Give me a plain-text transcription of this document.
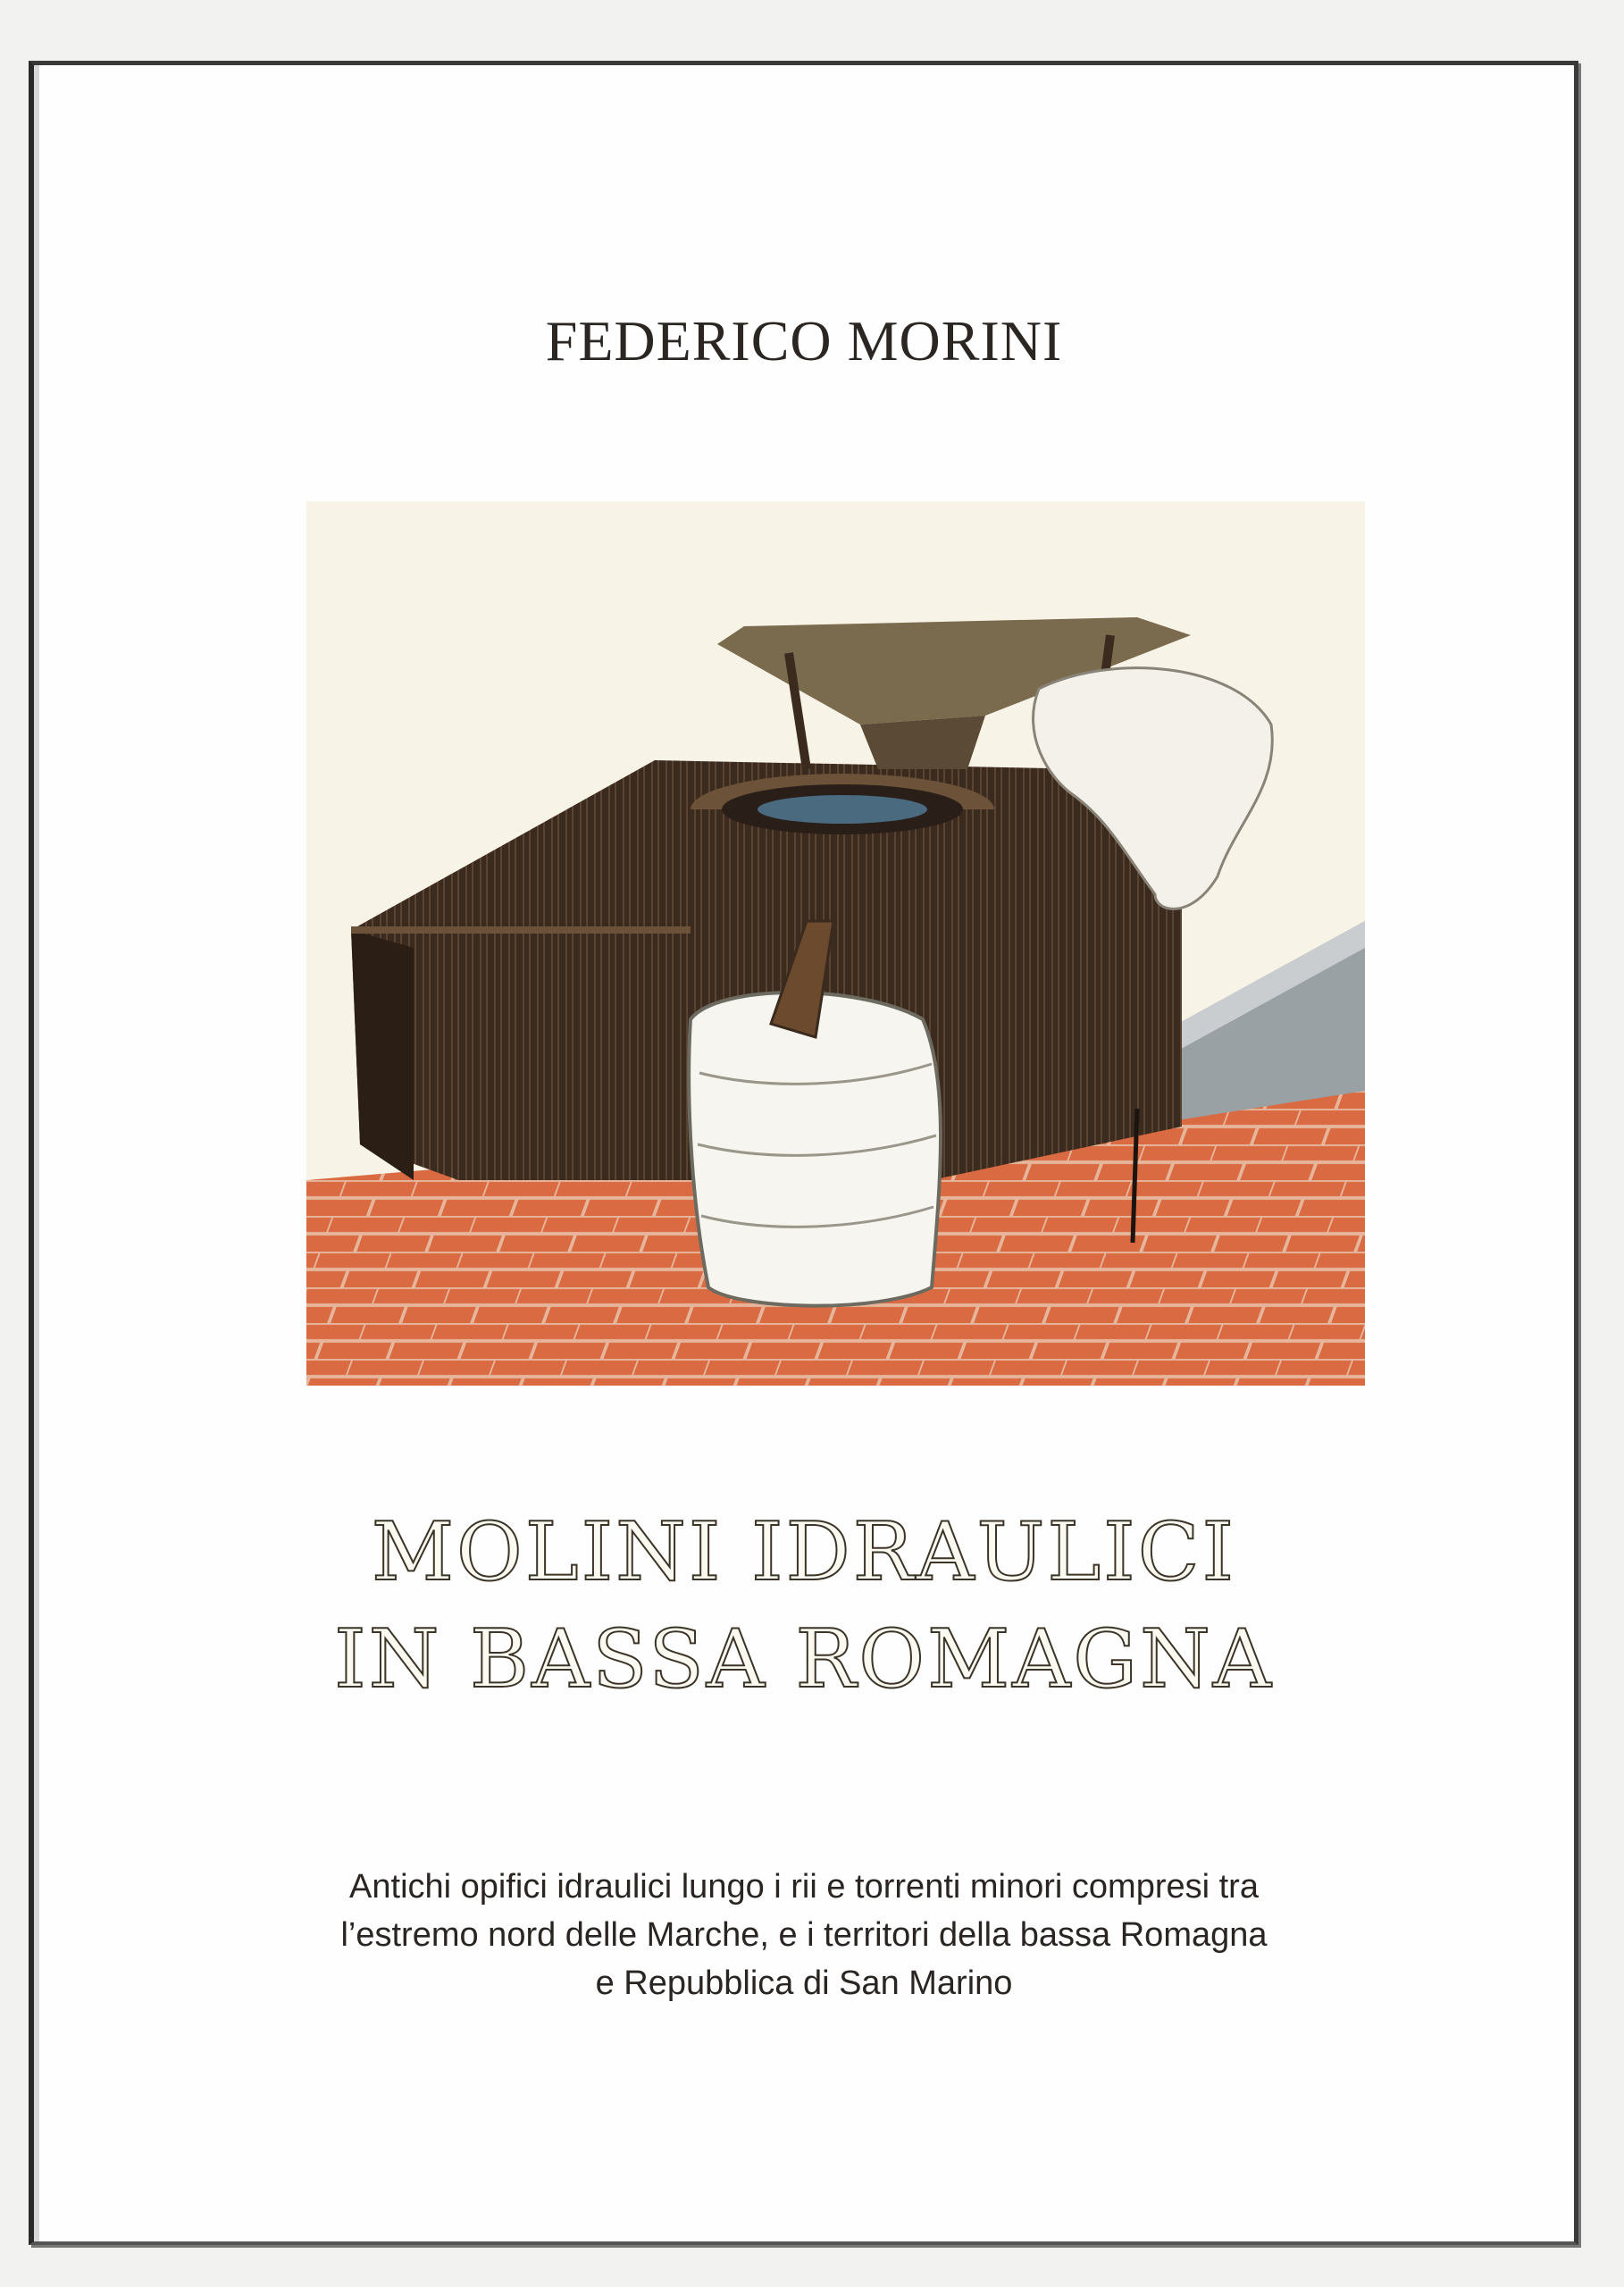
FEDERICO MORINI
MOLINI IDRAULICI
IN BASSA ROMAGNA
Antichi opifici idraulici lungo i rii e torrenti minori compresi tra
l’estremo nord delle Marche, e i territori della bassa Romagna
e Repubblica di San Marino
